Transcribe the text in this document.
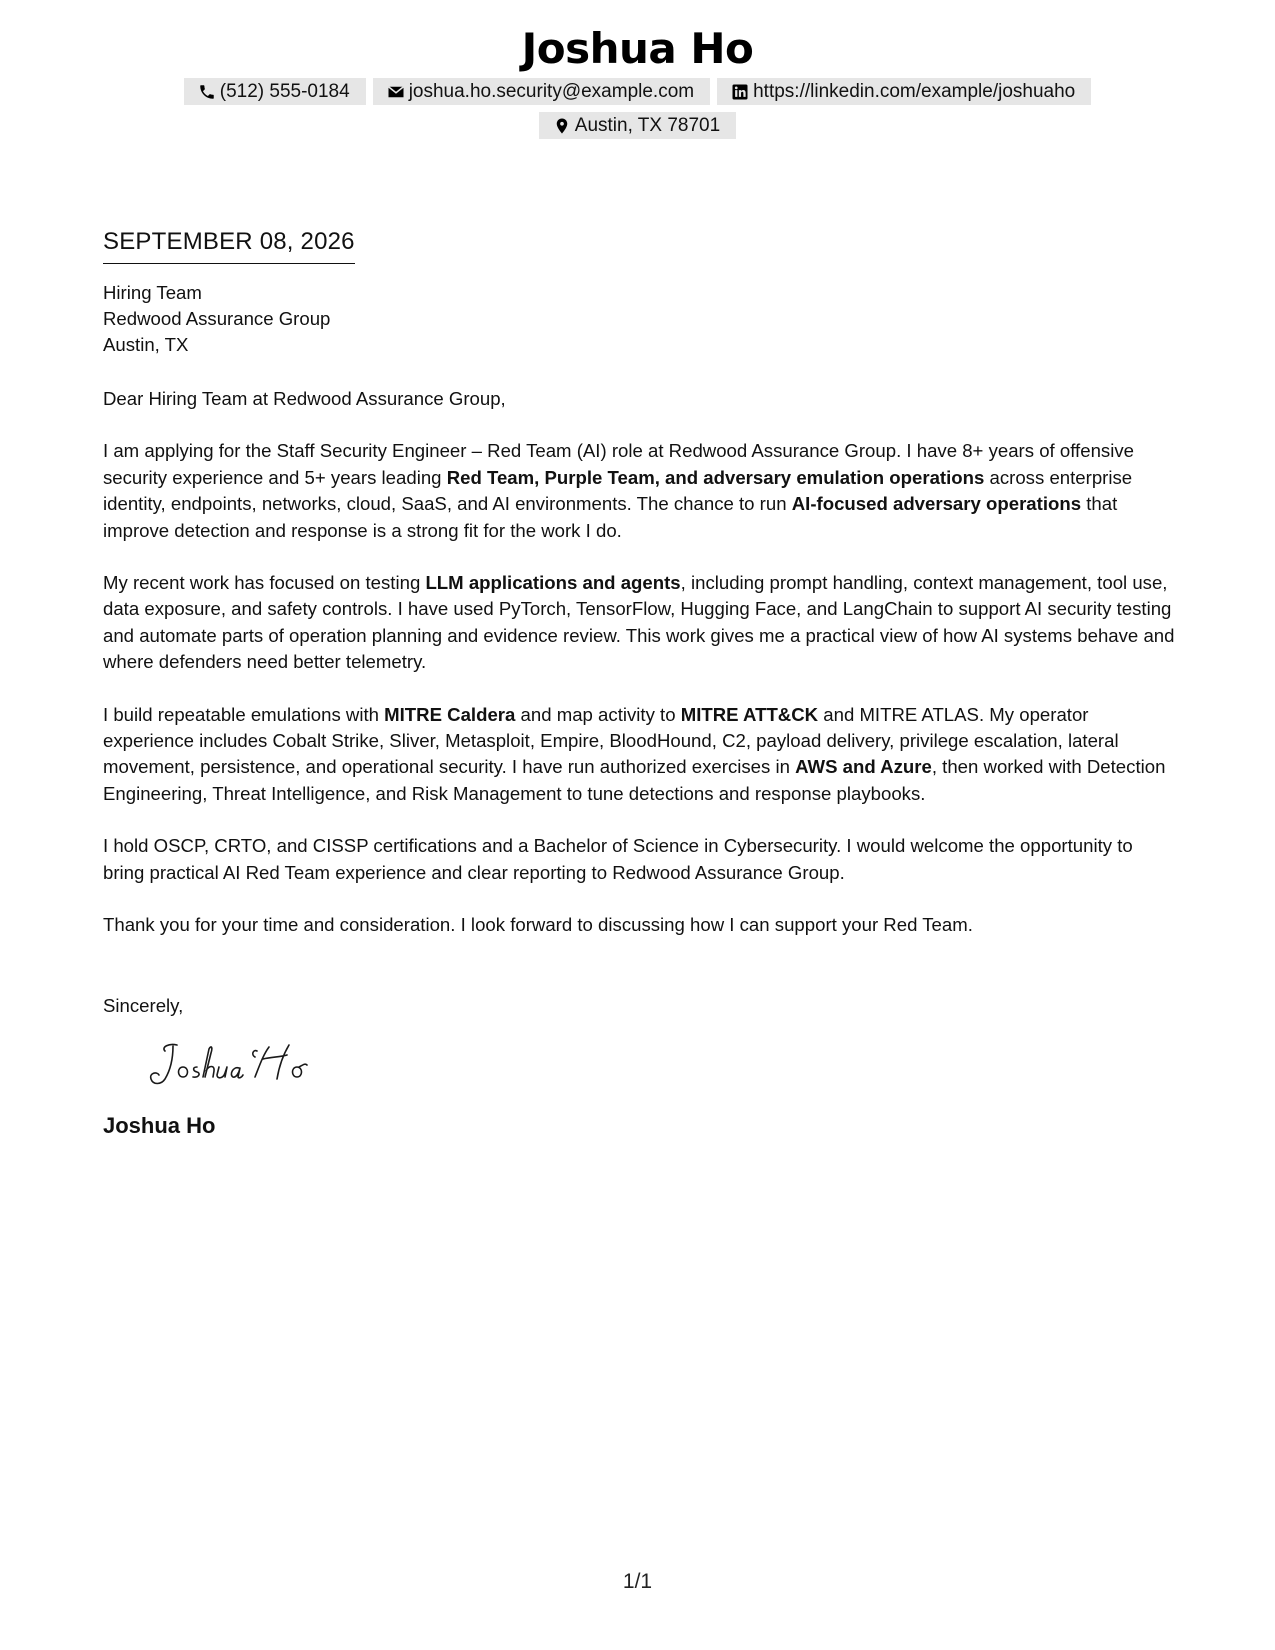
Joshua Ho
(512) 555-0184	joshua.ho.security@example.com	https://linkedin.com/example/joshuaho
Austin, TX 78701
SEPTEMBER 08, 2026
Hiring Team
Redwood Assurance Group
Austin, TX
Dear Hiring Team at Redwood Assurance Group,

I am applying for the Staff Security Engineer – Red Team (AI) role at Redwood Assurance Group. I have 8+ years of offensive security experience and 5+ years leading Red Team, Purple Team, and adversary emulation operations across enterprise identity, endpoints, networks, cloud, SaaS, and AI environments. The chance to run AI-focused adversary operations that improve detection and response is a strong fit for the work I do.

My recent work has focused on testing LLM applications and agents, including prompt handling, context management, tool use, data exposure, and safety controls. I have used PyTorch, TensorFlow, Hugging Face, and LangChain to support AI security testing and automate parts of operation planning and evidence review. This work gives me a practical view of how AI systems behave and where defenders need better telemetry.

I build repeatable emulations with MITRE Caldera and map activity to MITRE ATT&CK and MITRE ATLAS. My operator experience includes Cobalt Strike, Sliver, Metasploit, Empire, BloodHound, C2, payload delivery, privilege escalation, lateral movement, persistence, and operational security. I have run authorized exercises in AWS and Azure, then worked with Detection Engineering, Threat Intelligence, and Risk Management to tune detections and response playbooks.

I hold OSCP, CRTO, and CISSP certifications and a Bachelor of Science in Cybersecurity. I would welcome the opportunity to bring practical AI Red Team experience and clear reporting to Redwood Assurance Group.

Thank you for your time and consideration. I look forward to discussing how I can support your Red Team.

Sincerely,
Joshua Ho
1/1
